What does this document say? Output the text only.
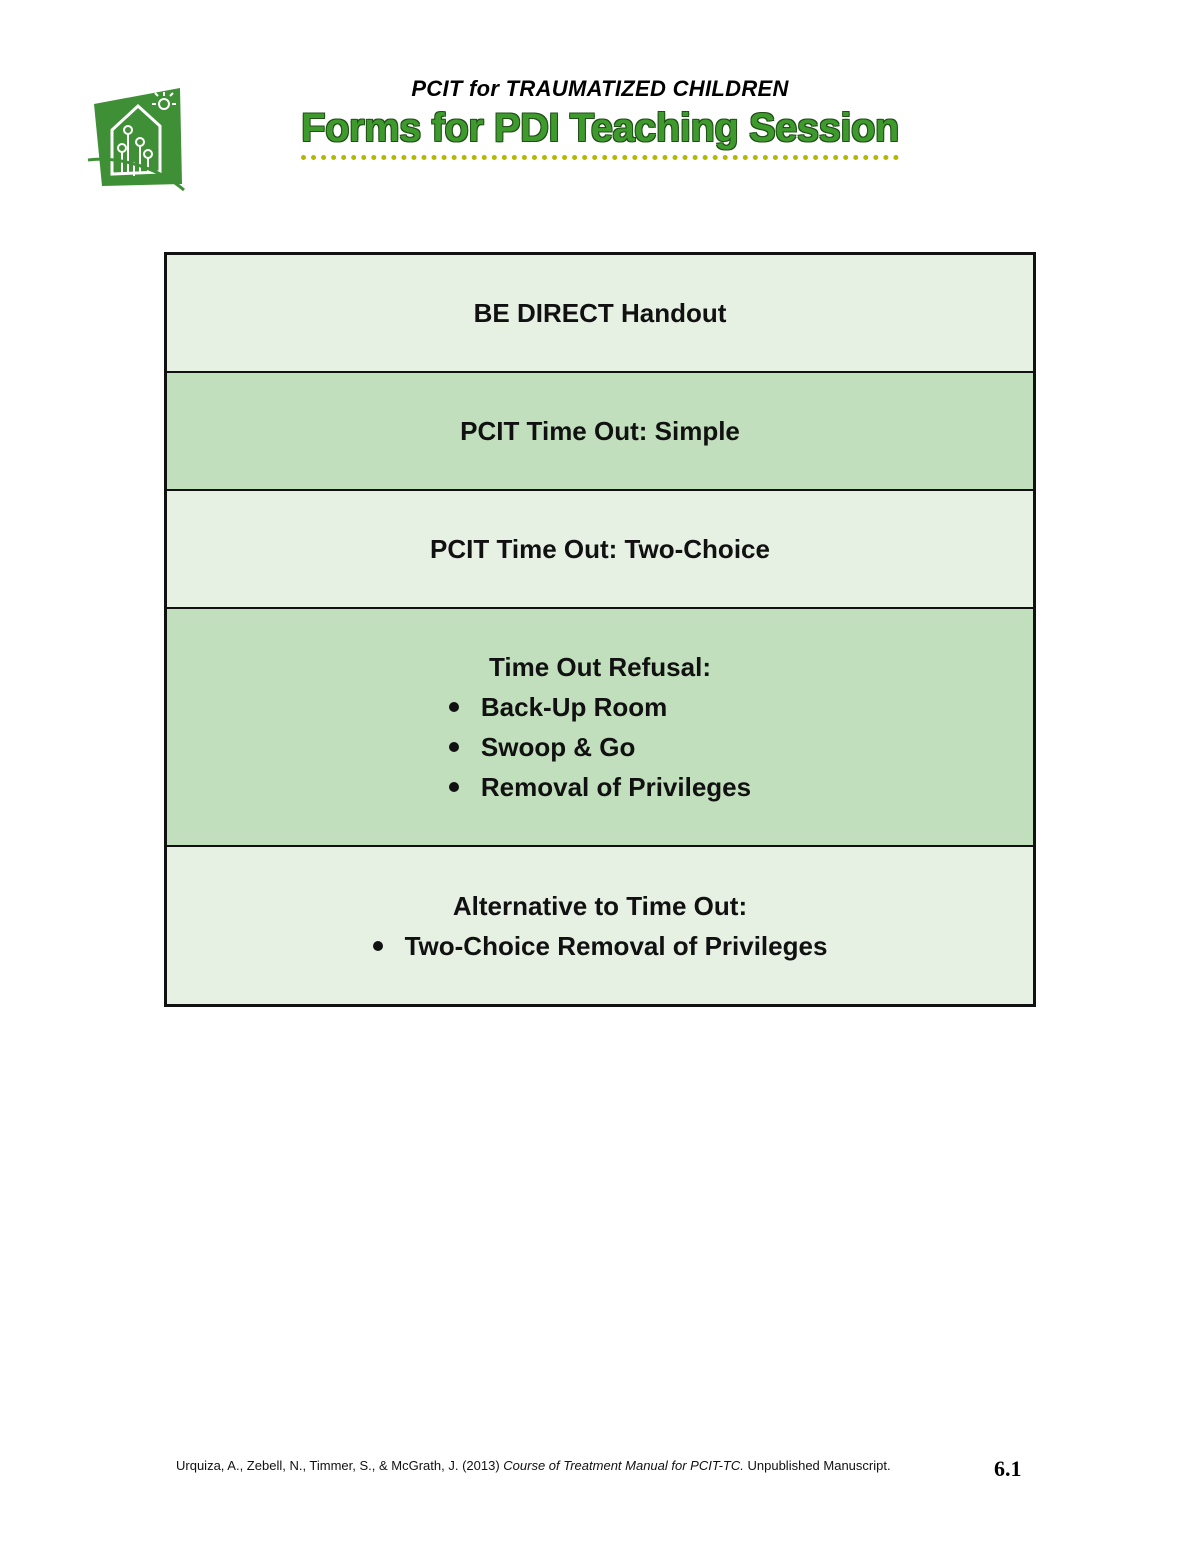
PCIT for TRAUMATIZED CHILDREN
Forms for PDI Teaching Session
BE DIRECT Handout
PCIT Time Out: Simple
PCIT Time Out: Two-Choice
Time Out Refusal:
Back-Up Room
Swoop & Go
Removal of Privileges
Alternative to Time Out:
Two-Choice Removal of Privileges
Urquiza, A., Zebell, N., Timmer, S., & McGrath, J. (2013) Course of Treatment Manual for PCIT-TC. Unpublished Manuscript.	6.1
